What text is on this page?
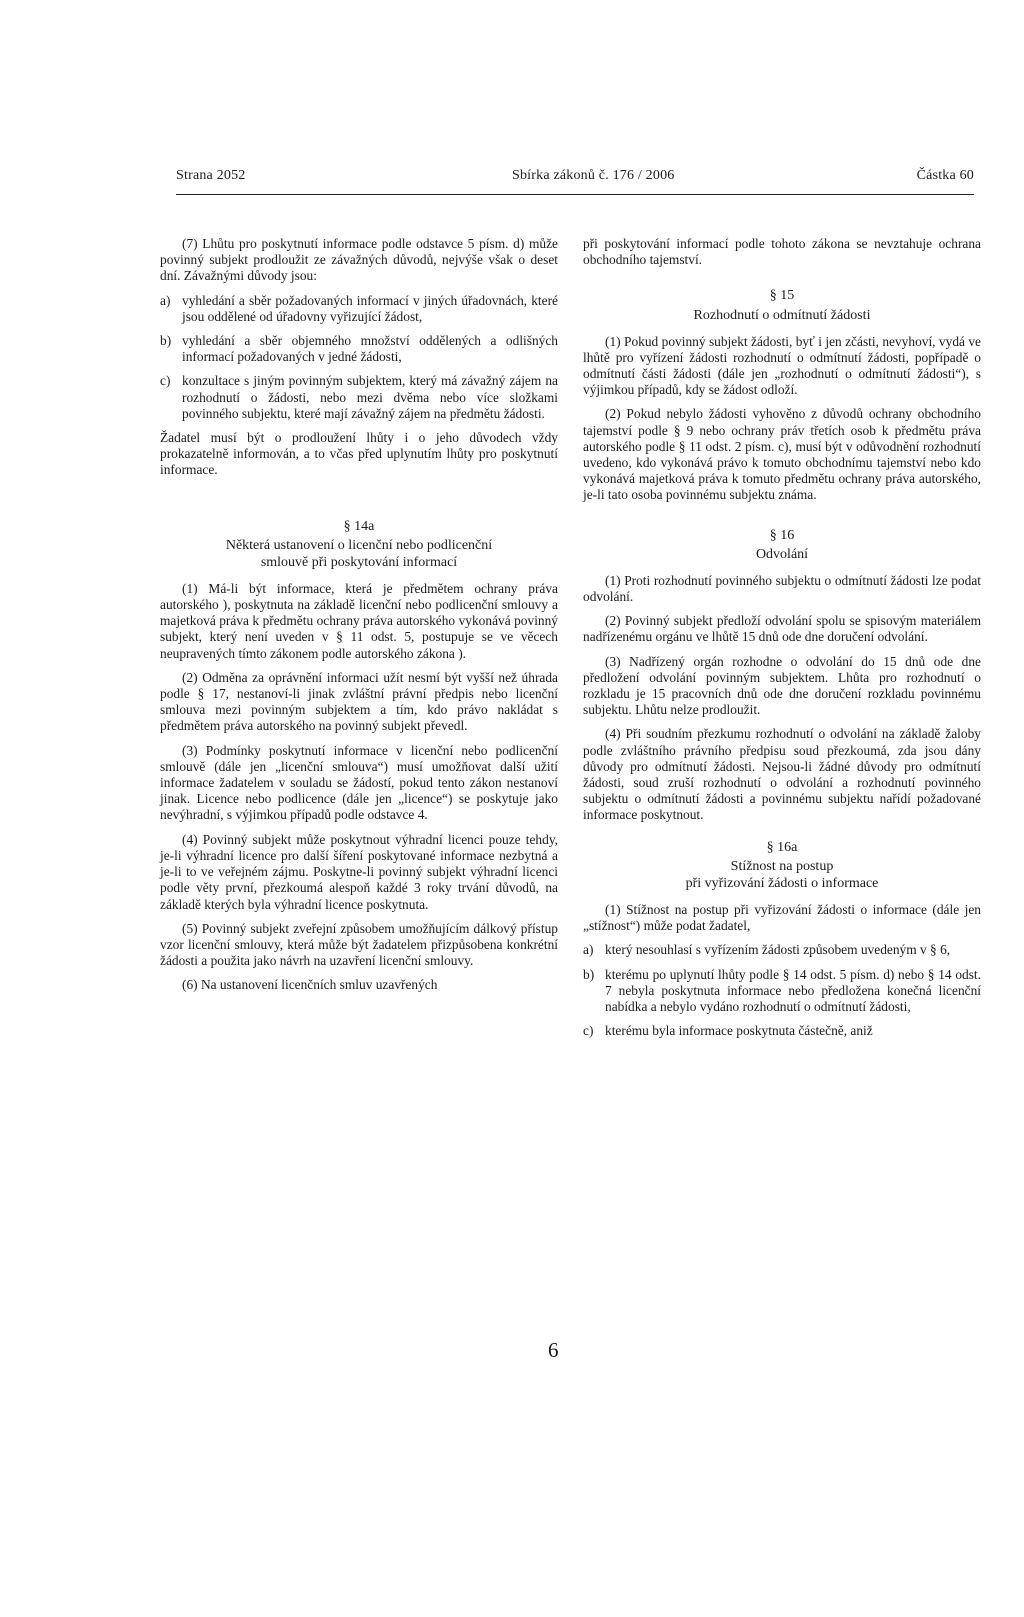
Strana 2052	Sbírka zákonů č. 176 / 2006	Částka 60

(7) Lhůtu pro poskytnutí informace podle odstavce 5 písm. d) může povinný subjekt prodloužit ze závažných důvodů, nejvýše však o deset dní. Závažnými důvody jsou:

a) vyhledání a sběr požadovaných informací v jiných úřadovnách, které jsou oddělené od úřadovny vyřizující žádost,
b) vyhledání a sběr objemného množství oddělených a odlišných informací požadovaných v jedné žádosti,
c) konzultace s jiným povinným subjektem, který má závažný zájem na rozhodnutí o žádosti, nebo mezi dvěma nebo více složkami povinného subjektu, které mají závažný zájem na předmětu žádosti.

Žadatel musí být o prodloužení lhůty i o jeho důvodech vždy prokazatelně informován, a to včas před uplynutím lhůty pro poskytnutí informace.

§ 14a
Některá ustanovení o licenční nebo podlicenční
smlouvě při poskytování informací

(1) Má-li být informace, která je předmětem ochrany práva autorského ), poskytnuta na základě licenční nebo podlicenční smlouvy a majetková práva k předmětu ochrany práva autorského vykonává povinný subjekt, který není uveden v § 11 odst. 5, postupuje se ve věcech neupravených tímto zákonem podle autorského zákona ).

(2) Odměna za oprávnění informaci užít nesmí být vyšší než úhrada podle § 17, nestanoví-li jinak zvláštní právní předpis nebo licenční smlouva mezi povinným subjektem a tím, kdo právo nakládat s předmětem práva autorského na povinný subjekt převedl.

(3) Podmínky poskytnutí informace v licenční nebo podlicenční smlouvě (dále jen „licenční smlouva“) musí umožňovat další užití informace žadatelem v souladu se žádostí, pokud tento zákon nestanoví jinak. Licence nebo podlicence (dále jen „licence“) se poskytuje jako nevýhradní, s výjimkou případů podle odstavce 4.

(4) Povinný subjekt může poskytnout výhradní licenci pouze tehdy, je-li výhradní licence pro další šíření poskytované informace nezbytná a je-li to ve veřejném zájmu. Poskytne-li povinný subjekt výhradní licenci podle věty první, přezkoumá alespoň každé 3 roky trvání důvodů, na základě kterých byla výhradní licence poskytnuta.

(5) Povinný subjekt zveřejní způsobem umožňujícím dálkový přístup vzor licenční smlouvy, která může být žadatelem přizpůsobena konkrétní žádosti a použita jako návrh na uzavření licenční smlouvy.

(6) Na ustanovení licenčních smluv uzavřených

při poskytování informací podle tohoto zákona se nevztahuje ochrana obchodního tajemství.

§ 15
Rozhodnutí o odmítnutí žádosti

(1) Pokud povinný subjekt žádosti, byť i jen zčásti, nevyhoví, vydá ve lhůtě pro vyřízení žádosti rozhodnutí o odmítnutí žádosti, popřípadě o odmítnutí části žádosti (dále jen „rozhodnutí o odmítnutí žádosti“), s výjimkou případů, kdy se žádost odloží.

(2) Pokud nebylo žádosti vyhověno z důvodů ochrany obchodního tajemství podle § 9 nebo ochrany práv třetích osob k předmětu práva autorského podle § 11 odst. 2 písm. c), musí být v odůvodnění rozhodnutí uvedeno, kdo vykonává právo k tomuto obchodnímu tajemství nebo kdo vykonává majetková práva k tomuto předmětu ochrany práva autorského, je-li tato osoba povinnému subjektu známa.

§ 16
Odvolání

(1) Proti rozhodnutí povinného subjektu o odmítnutí žádosti lze podat odvolání.

(2) Povinný subjekt předloží odvolání spolu se spisovým materiálem nadřízenému orgánu ve lhůtě 15 dnů ode dne doručení odvolání.

(3) Nadřízený orgán rozhodne o odvolání do 15 dnů ode dne předložení odvolání povinným subjektem. Lhůta pro rozhodnutí o rozkladu je 15 pracovních dnů ode dne doručení rozkladu povinnému subjektu. Lhůtu nelze prodloužit.

(4) Při soudním přezkumu rozhodnutí o odvolání na základě žaloby podle zvláštního právního předpisu soud přezkoumá, zda jsou dány důvody pro odmítnutí žádosti. Nejsou-li žádné důvody pro odmítnutí žádosti, soud zruší rozhodnutí o odvolání a rozhodnutí povinného subjektu o odmítnutí žádosti a povinnému subjektu nařídí požadované informace poskytnout.

§ 16a
Stížnost na postup
při vyřizování žádosti o informace

(1) Stížnost na postup při vyřizování žádosti o informace (dále jen „stížnost“) může podat žadatel,

a) který nesouhlasí s vyřízením žádosti způsobem uvedeným v § 6,
b) kterému po uplynutí lhůty podle § 14 odst. 5 písm. d) nebo § 14 odst. 7 nebyla poskytnuta informace nebo předložena konečná licenční nabídka a nebylo vydáno rozhodnutí o odmítnutí žádosti,
c) kterému byla informace poskytnuta částečně, aniž
6
